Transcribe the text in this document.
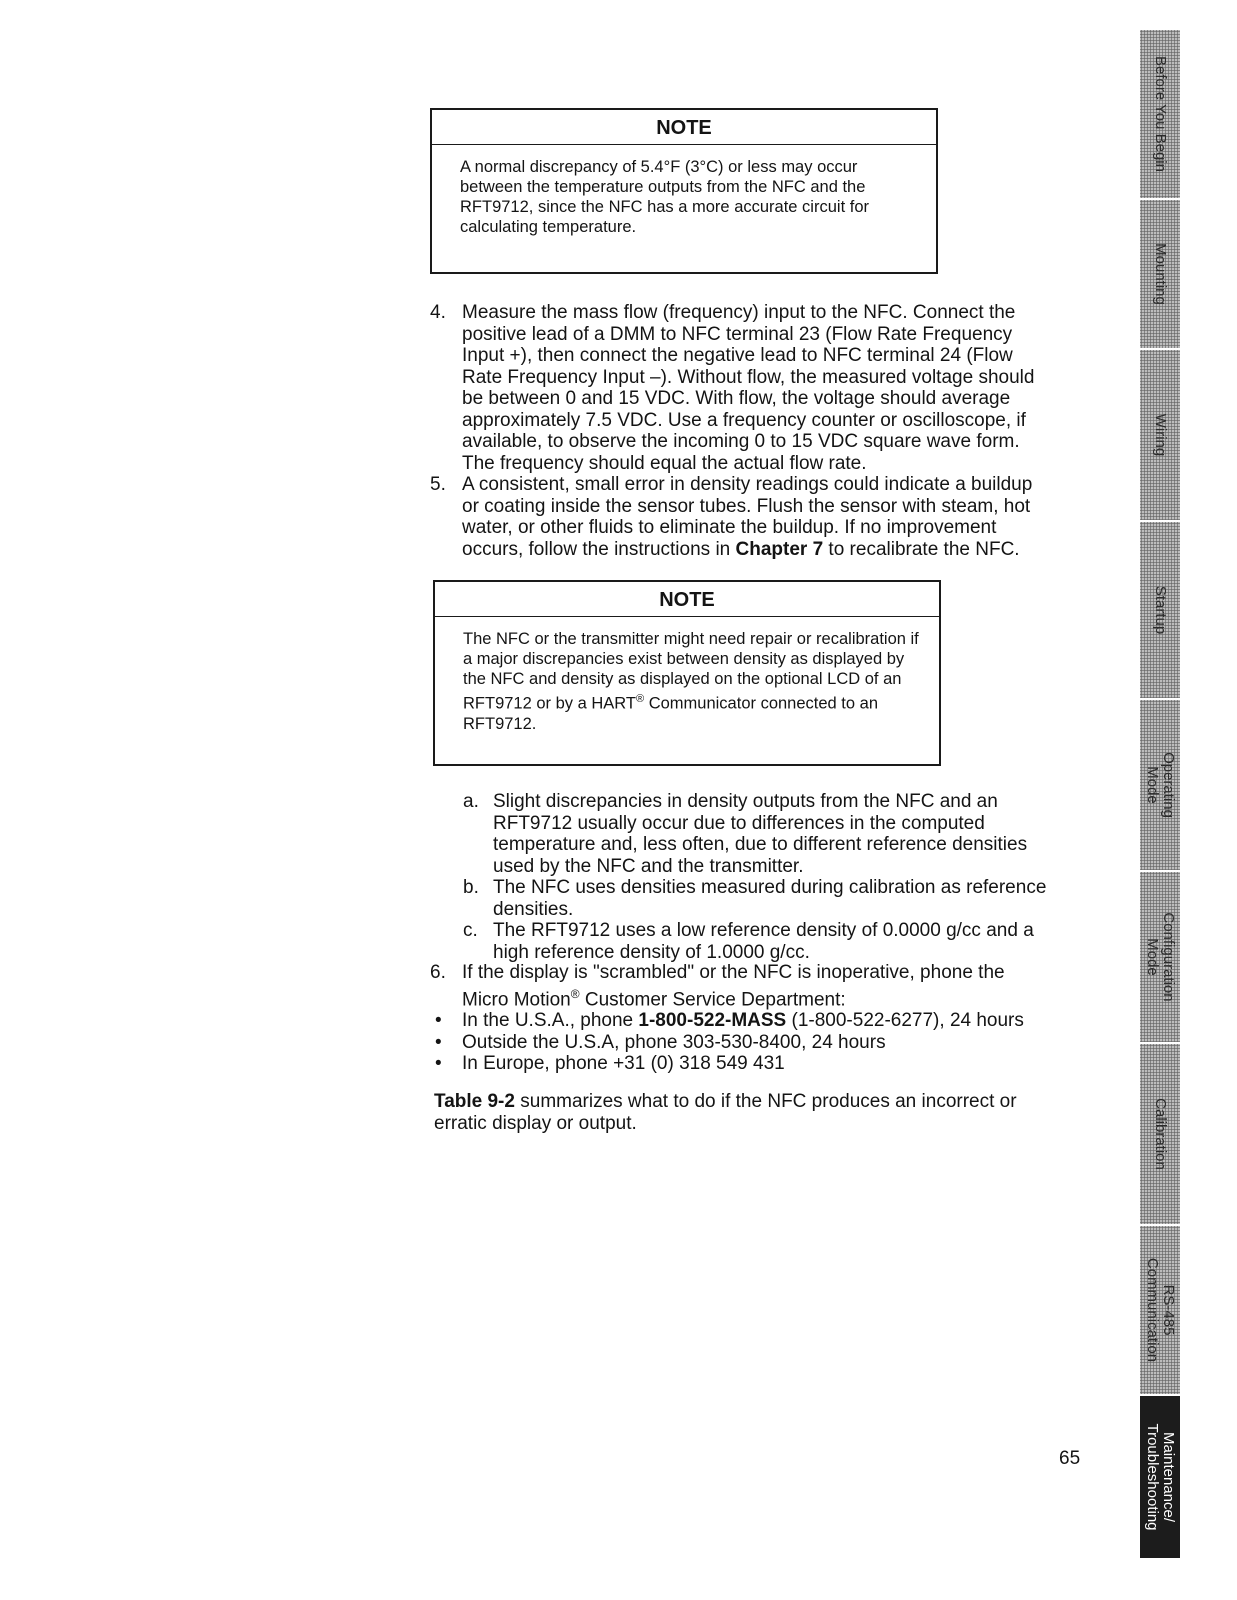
NOTE
A normal discrepancy of 5.4°F (3°C) or less may occur between the temperature outputs from the NFC and the RFT9712, since the NFC has a more accurate circuit for calculating temperature.
4. Measure the mass flow (frequency) input to the NFC. Connect the
positive lead of a DMM to NFC terminal 23 (Flow Rate Frequency
Input +), then connect the negative lead to NFC terminal 24 (Flow
Rate Frequency Input –). Without flow, the measured voltage should
be between 0 and 15 VDC. With flow, the voltage should average
approximately 7.5 VDC. Use a frequency counter or oscilloscope, if
available, to observe the incoming 0 to 15 VDC square wave form.
The frequency should equal the actual flow rate.
5. A consistent, small error in density readings could indicate a buildup
or coating inside the sensor tubes. Flush the sensor with steam, hot
water, or other fluids to eliminate the buildup. If no improvement
occurs, follow the instructions in Chapter 7 to recalibrate the NFC.
NOTE
The NFC or the transmitter might need repair or recalibration if a major discrepancies exist between density as displayed by the NFC and density as displayed on the optional LCD of an RFT9712 or by a HART® Communicator connected to an RFT9712.
a. Slight discrepancies in density outputs from the NFC and an
RFT9712 usually occur due to differences in the computed
temperature and, less often, due to different reference densities
used by the NFC and the transmitter.
b. The NFC uses densities measured during calibration as reference
densities.
c. The RFT9712 uses a low reference density of 0.0000 g/cc and a
high reference density of 1.0000 g/cc.
6. If the display is "scrambled" or the NFC is inoperative, phone the
Micro Motion® Customer Service Department:
• In the U.S.A., phone 1-800-522-MASS (1-800-522-6277), 24 hours
• Outside the U.S.A, phone 303-530-8400, 24 hours
• In Europe, phone +31 (0) 318 549 431
Table 9-2 summarizes what to do if the NFC produces an incorrect or
erratic display or output.
65
Before You Begin
Mounting
Wiring
Startup
Operating
Mode
Configuration
Mode
Calibration
RS-485
Communication
Maintenance/
Troubleshooting
